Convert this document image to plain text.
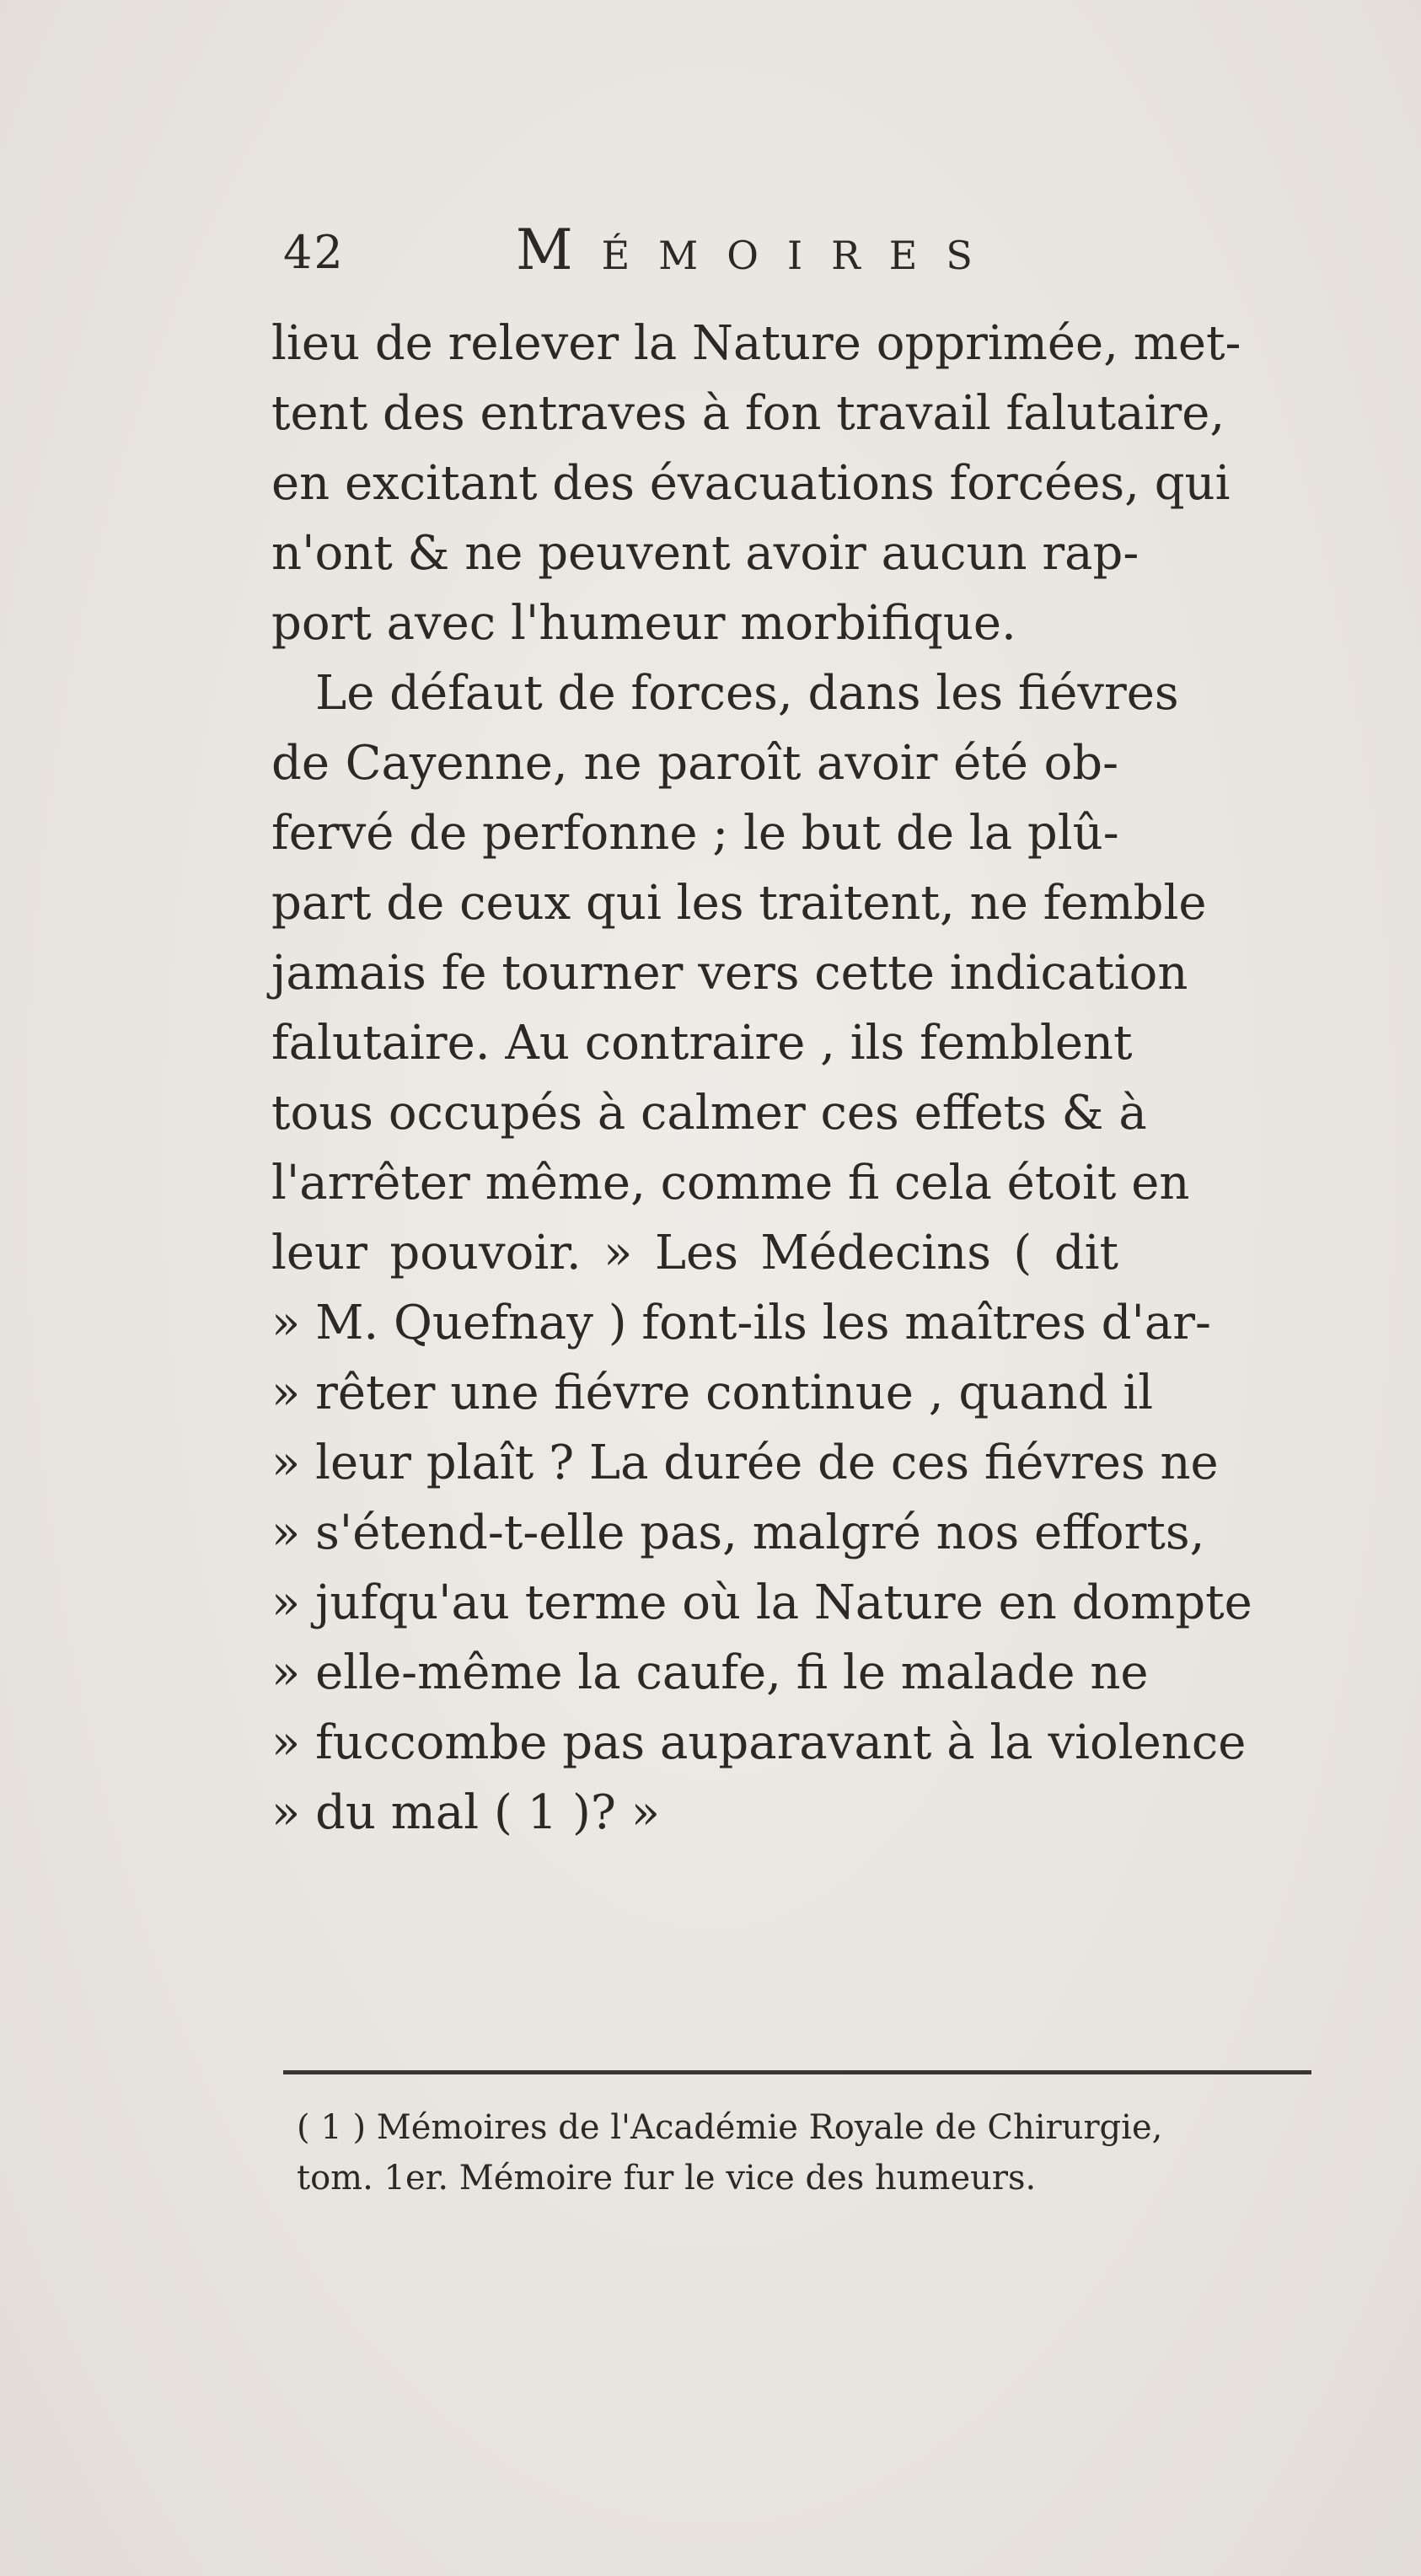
42	Mémoires
lieu de relever la Nature opprimée, met-
tent des entraves à fon travail falutaire,
en excitant des évacuations forcées, qui
n'ont & ne peuvent avoir aucun rap-
port avec l'humeur morbifique.
Le défaut de forces, dans les fiévres
de Cayenne, ne paroît avoir été ob-
fervé de perfonne ; le but de la plû-
part de ceux qui les traitent, ne femble
jamais fe tourner vers cette indication
falutaire. Au contraire , ils femblent
tous occupés à calmer ces effets & à
l'arrêter même, comme fi cela étoit en
leur pouvoir. » Les Médecins ( dit
» M. Quefnay ) font-ils les maîtres d'ar-
» rêter une fiévre continue , quand il
» leur plaît ? La durée de ces fiévres ne
» s'étend-t-elle pas, malgré nos efforts,
» jufqu'au terme où la Nature en dompte
» elle-même la caufe, fi le malade ne
» fuccombe pas auparavant à la violence
» du mal ( 1 )? »
( 1 ) Mémoires de l'Académie Royale de Chirurgie,
tom. 1er. Mémoire fur le vice des humeurs.
